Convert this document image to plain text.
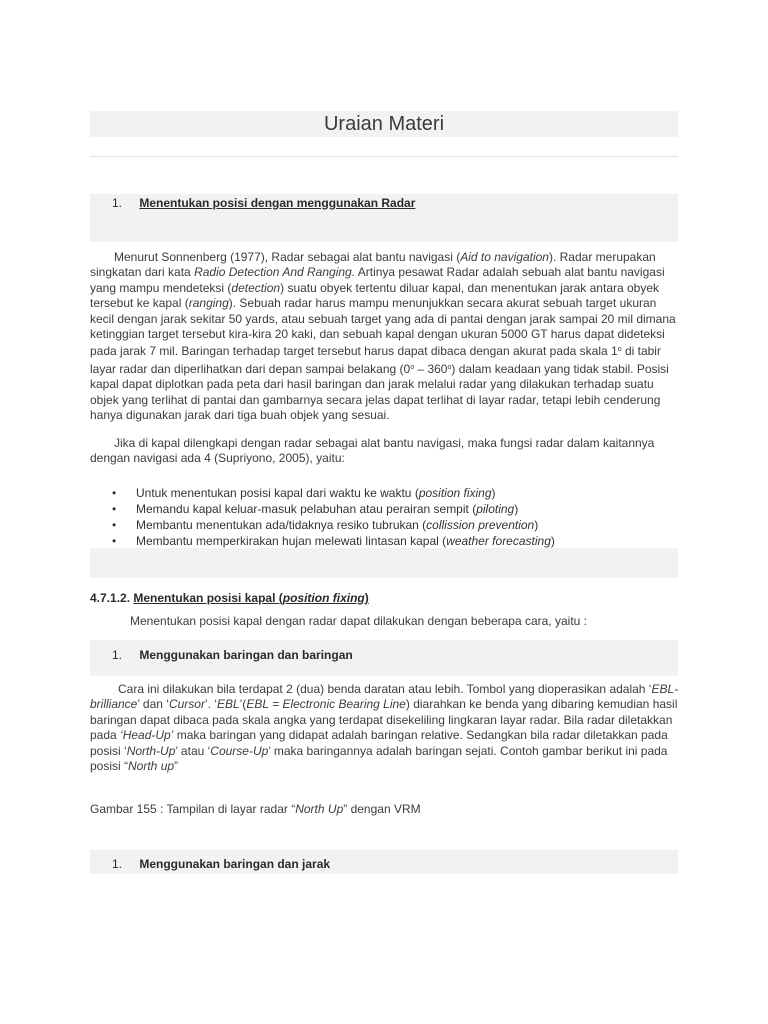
Uraian Materi
1. Menentukan posisi dengan menggunakan Radar
Menurut Sonnenberg (1977), Radar sebagai alat bantu navigasi (Aid to navigation). Radar merupakan singkatan dari kata Radio Detection And Ranging. Artinya pesawat Radar adalah sebuah alat bantu navigasi yang mampu mendeteksi (detection) suatu obyek tertentu diluar kapal, dan menentukan jarak antara obyek tersebut ke kapal (ranging). Sebuah radar harus mampu menunjukkan secara akurat sebuah target ukuran kecil dengan jarak sekitar 50 yards, atau sebuah target yang ada di pantai dengan jarak sampai 20 mil dimana ketinggian target tersebut kira-kira 20 kaki, dan sebuah kapal dengan ukuran 5000 GT harus dapat dideteksi pada jarak 7 mil. Baringan terhadap target tersebut harus dapat dibaca dengan akurat pada skala 1$^o$ di tabir layar radar dan diperlihatkan dari depan sampai belakang (0$^o$ – 360$^o$) dalam keadaan yang tidak stabil. Posisi kapal dapat diplotkan pada peta dari hasil baringan dan jarak melalui radar yang dilakukan terhadap suatu objek yang terlihat di pantai dan gambarnya secara jelas dapat terlihat di layar radar, tetapi lebih cenderung hanya digunakan jarak dari tiga buah objek yang sesuai.
Jika di kapal dilengkapi dengan radar sebagai alat bantu navigasi, maka fungsi radar dalam kaitannya dengan navigasi ada 4 (Supriyono, 2005), yaitu:
• Untuk menentukan posisi kapal dari waktu ke waktu (position fixing)
• Memandu kapal keluar-masuk pelabuhan atau perairan sempit (piloting)
• Membantu menentukan ada/tidaknya resiko tubrukan (collission prevention)
• Membantu memperkirakan hujan melewati lintasan kapal (weather forecasting)
4.7.1.2. Menentukan posisi kapal (position fixing)
Menentukan posisi kapal dengan radar dapat dilakukan dengan beberapa cara, yaitu :
1. Menggunakan baringan dan baringan
Cara ini dilakukan bila terdapat 2 (dua) benda daratan atau lebih. Tombol yang dioperasikan adalah ‘EBL-brilliance’ dan ‘Cursor’. ‘EBL’(EBL = Electronic Bearing Line) diarahkan ke benda yang dibaring kemudian hasil baringan dapat dibaca pada skala angka yang terdapat disekeliling lingkaran layar radar. Bila radar diletakkan pada ‘Head-Up’ maka baringan yang didapat adalah baringan relative. Sedangkan bila radar diletakkan pada posisi ‘North-Up’ atau ‘Course-Up’ maka baringannya adalah baringan sejati. Contoh gambar berikut ini pada posisi “North up”
Gambar 155 : Tampilan di layar radar “North Up” dengan VRM
1. Menggunakan baringan dan jarak
